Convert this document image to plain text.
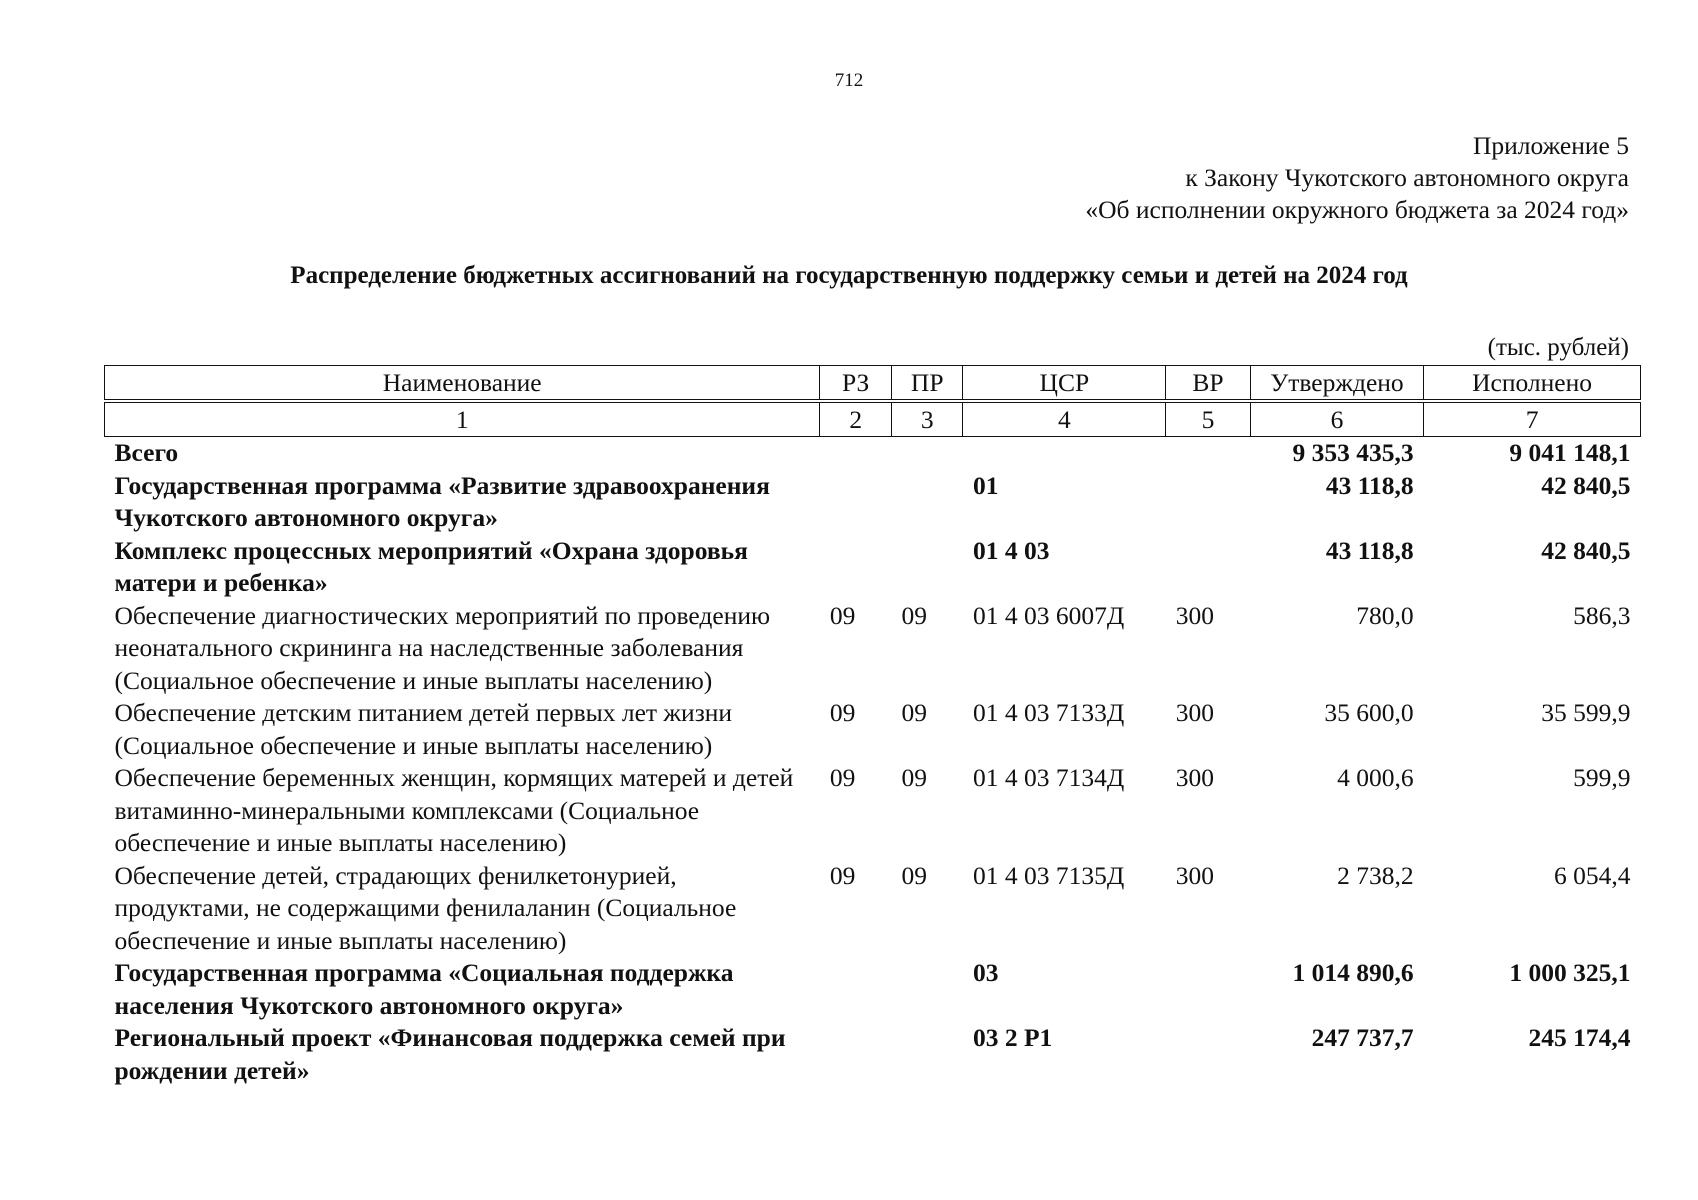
712
Приложение 5
к Закону Чукотского автономного округа
«Об исполнении окружного бюджета за 2024 год»
Распределение бюджетных ассигнований на государственную поддержку семьи и детей на 2024 год
(тыс. рублей)
Наименование	РЗ	ПР	ЦСР	ВР	Утверждено	Исполнено

1	2	3	4	5	6	7
Всего					9 353 435,3	9 041 148,1
Государственная программа «Развитие здравоохранения Чукотского автономного округа»			01		43 118,8	42 840,5
Комплекс процессных мероприятий «Охрана здоровья матери и ребенка»			01 4 03		43 118,8	42 840,5
Обеспечение диагностических мероприятий по проведению неонатального скрининга на наследственные заболевания (Социальное обеспечение и иные выплаты населению)	09	09	01 4 03 6007Д	300	780,0	586,3
Обеспечение детским питанием детей первых лет жизни (Социальное обеспечение и иные выплаты населению)	09	09	01 4 03 7133Д	300	35 600,0	35 599,9
Обеспечение беременных женщин, кормящих матерей и детей витаминно-минеральными комплексами (Социальное обеспечение и иные выплаты населению)	09	09	01 4 03 7134Д	300	4 000,6	599,9
Обеспечение детей, страдающих фенилкетонурией, продуктами, не содержащими фенилаланин (Социальное обеспечение и иные выплаты населению)	09	09	01 4 03 7135Д	300	2 738,2	6 054,4
Государственная программа «Социальная поддержка населения Чукотского автономного округа»			03		1 014 890,6	1 000 325,1
Региональный проект «Финансовая поддержка семей при рождении детей»			03 2 Р1		247 737,7	245 174,4
